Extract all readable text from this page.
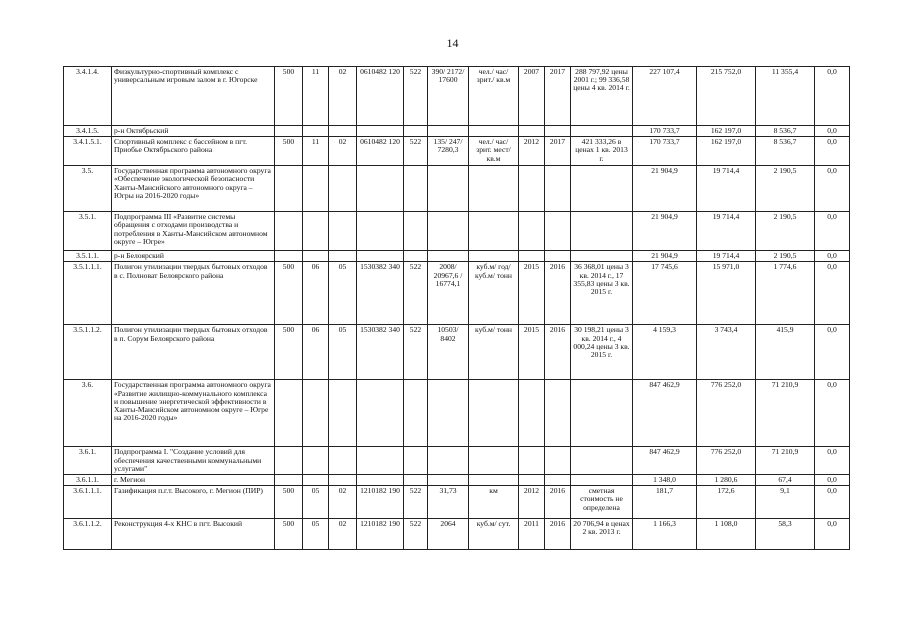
14
3.4.1.4.	Физкультурно-спортивный комплекс с универсальным игровым залом в г. Югорске	500	11	02	0610482 120	522	390/ 2172/ 17600	чел./ час/ зрит./ кв.м	2007	2017	288 797,92 цены 2001 г.; 99 336,58 цены 4 кв. 2014 г.	227 107,4	215 752,0	11 355,4	0,0
3.4.1.5.	р-н Октябрьский											170 733,7	162 197,0	8 536,7	0,0
3.4.1.5.1.	Спортивный комплекс с бассейном в пгт. Приобье Октябрьского района	500	11	02	0610482 120	522	135/ 247/ 7280,3	чел./ час/ зрит. мест/ кв.м	2012	2017	421 333,26 в ценах 1 кв. 2013 г.	170 733,7	162 197,0	8 536,7	0,0
3.5.	Государственная программа автономного округа «Обеспечение экологической безопасности Ханты-Мансийского автономного округа – Югры на 2016-2020 годы»											21 904,9	19 714,4	2 190,5	0,0
3.5.1.	Подпрограмма III «Развитие системы обращения с отходами производства и потребления в Ханты-Мансийском автономном округе – Югре»											21 904,9	19 714,4	2 190,5	0,0
3.5.1.1.	р-н Белоярский											21 904,9	19 714,4	2 190,5	0,0
3.5.1.1.1.	Полигон утилизации твердых бытовых отходов в с. Полноват Белоярского района	500	06	05	1530382 340	522	2008/ 20967,6 / 16774,1	куб.м/ год/ куб.м/ тонн	2015	2016	36 368,01 цены 3 кв. 2014 г., 17 355,83 цены 3 кв. 2015 г.	17 745,6	15 971,0	1 774,6	0,0
3.5.1.1.2.	Полигон утилизации твердых бытовых отходов в п. Сорум Белоярского района	500	06	05	1530382 340	522	10503/ 8402	куб.м/ тонн	2015	2016	30 198,21 цены 3 кв. 2014 г., 4 000,24 цены 3 кв. 2015 г.	4 159,3	3 743,4	415,9	0,0
3.6.	Государственная программа автономного округа «Развитие жилищно-коммунального комплекса и повышение энергетической эффективности в Ханты-Мансийском автономном округе – Югре на 2016-2020 годы»											847 462,9	776 252,0	71 210,9	0,0
3.6.1.	Подпрограмма I. "Создание условий для обеспечения качественными коммунальными услугами"											847 462,9	776 252,0	71 210,9	0,0
3.6.1.1.	г. Мегион											1 348,0	1 280,6	67,4	0,0
3.6.1.1.1.	Газификация п.г.т. Высокого, г. Мегион (ПИР)	500	05	02	1210182 190	522	31,73	км	2012	2016	сметная стоимость не определена	181,7	172,6	9,1	0,0
3.6.1.1.2.	Реконструкция 4-х КНС в пгт. Высокий	500	05	02	1210182 190	522	2064	куб.м/ сут.	2011	2016	20 706,94 в ценах 2 кв. 2013 г.	1 166,3	1 108,0	58,3	0,0
